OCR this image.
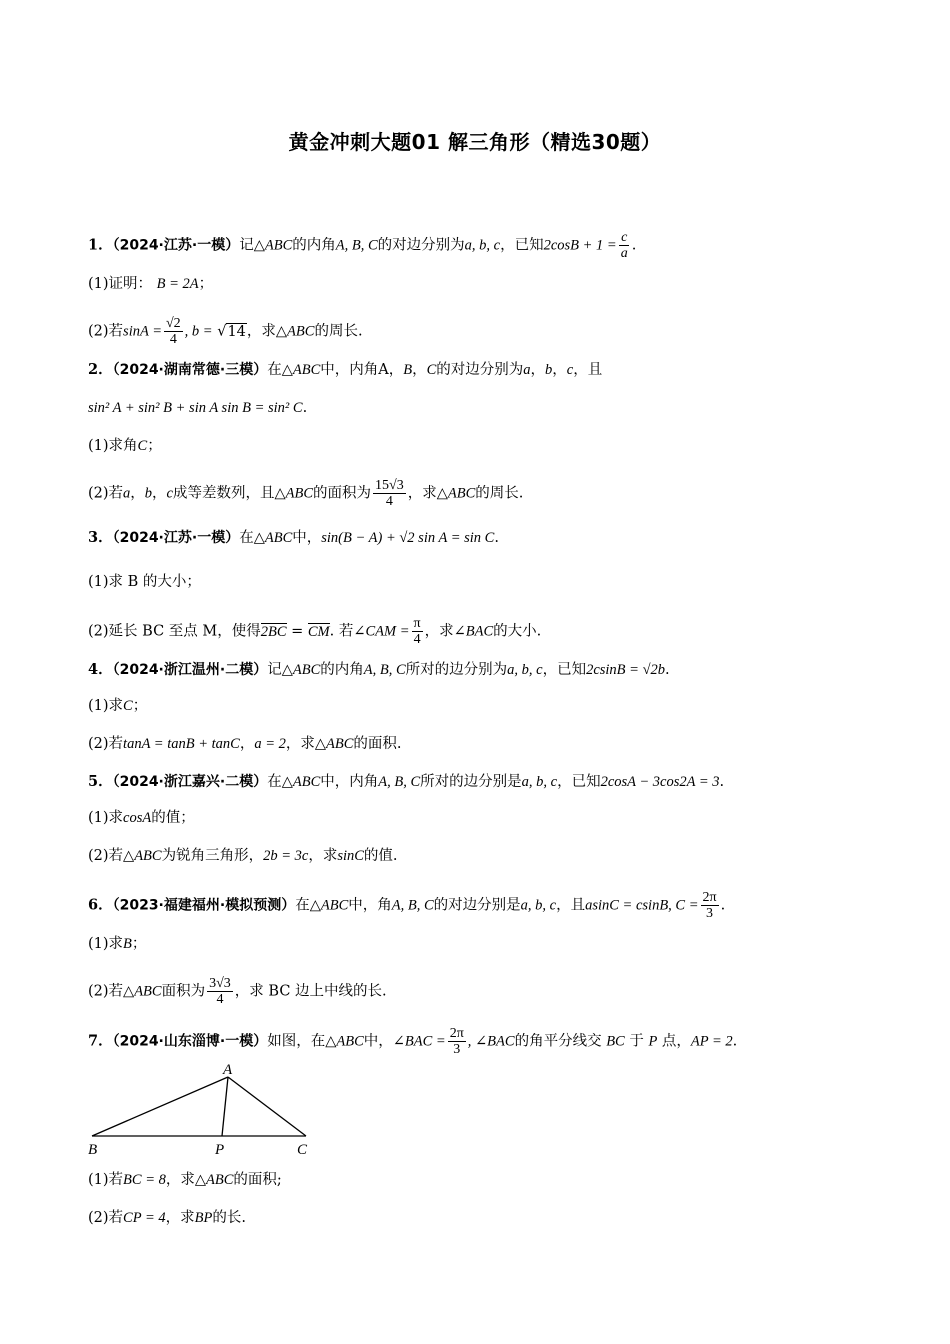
黄金冲刺大题01 解三角形（精选30题）
1．（2024·江苏·一模）记△ABC的内角A, B, C的对边分别为a, b, c，已知$2\cos B + 1 = \frac{c}{a}$ .
(1)证明： B = 2A；
(2)若$\sin A = \frac{√2}{4}$ , b = √14，求△ABC的周长.
2．（2024·湖南常德·三模）在△ABC中，内角A，B，C的对边分别为a，b，c，且
sin² A + sin² B + sin A sin B = sin² C.
(1)求角C；
(2)若a，b，c成等差数列，且△ABC的面积为 $\frac{15√3}{4}$ ，求△ABC的周长.
3．（2024·江苏·一模）在△ABC中，sin(B − A) + √2 sin A = sin C.
(1)求 B 的大小；
(2)延长 BC 至点 M，使得2BC = CM. 若∠CAM = $\frac{\pi}{4}$ ，求∠BAC的大小.
4．（2024·浙江温州·二模）记△ABC的内角A, B, C所对的边分别为a, b, c，已知2csinB = √2b.
(1)求C；
(2)若tanA = tanB + tanC，a = 2，求△ABC的面积.
5．（2024·浙江嘉兴·二模）在△ABC中，内角A, B, C所对的边分别是a, b, c，已知2cosA − 3cos2A = 3.
(1)求cosA的值；
(2)若△ABC为锐角三角形，2b = 3c，求sinC的值.
6．（2023·福建福州·模拟预测）在△ABC中，角A, B, C的对边分别是a, b, c，且asinC = csinB, $C = \frac{2\pi}{3}$ .
(1)求B；
(2)若△ABC面积为 $\frac{3√3}{4}$ ，求 BC 边上中线的长.
7．（2024·山东淄博·一模）如图，在△ABC中，∠BAC = $\frac{2\pi}{3}$ , ∠BAC的角平分线交 BC 于 P 点，AP = 2.
A
B	P	C
(1)若BC = 8，求△ABC的面积;
(2)若CP = 4，求BP的长.
